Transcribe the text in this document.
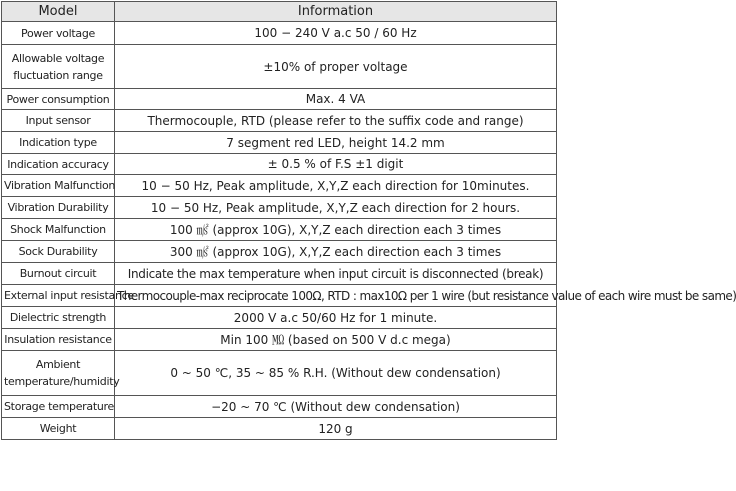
Model	Information
Power voltage	100 − 240 V a.c 50 / 60 Hz

Allowable voltage
fluctuation range	±10% of proper voltage
Power consumption	Max. 4 VA
Input sensor	Thermocouple, RTD (please refer to the suffix code and range)
Indication type	7 segment red LED, height 14.2 mm
Indication accuracy	± 0.5 % of F.S ±1 digit
Vibration Malfunction	10 − 50 Hz, Peak amplitude, X,Y,Z each direction for 10minutes.
Vibration Durability	10 − 50 Hz, Peak amplitude, X,Y,Z each direction for 2 hours.
Shock Malfunction	100 ㎨ (approx 10G), X,Y,Z each direction each 3 times
Sock Durability	300 ㎨ (approx 10G), X,Y,Z each direction each 3 times
Burnout circuit	Indicate the max temperature when input circuit is disconnected (break)
External input resistance	Thermocouple-max reciprocate 100Ω, RTD : max10Ω per 1 wire (but resistance value of each wire must be same)
Dielectric strength	2000 V a.c 50/60 Hz for 1 minute.
Insulation resistance	Min 100 ㏁ (based on 500 V d.c mega)

Ambient
temperature/humidity	0 ~ 50 ℃, 35 ~ 85 % R.H. (Without dew condensation)
Storage temperature	−20 ~ 70 ℃ (Without dew condensation)
Weight	120 g
